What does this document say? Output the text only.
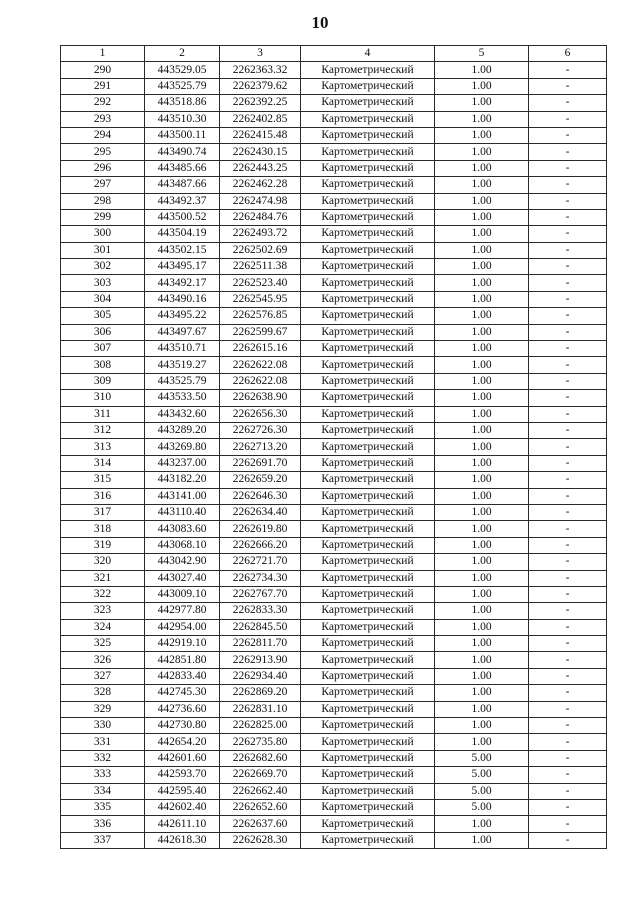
10
1	2	3	4	5	6
290	443529.05	2262363.32	Картометрический	1.00	-
291	443525.79	2262379.62	Картометрический	1.00	-
292	443518.86	2262392.25	Картометрический	1.00	-
293	443510.30	2262402.85	Картометрический	1.00	-
294	443500.11	2262415.48	Картометрический	1.00	-
295	443490.74	2262430.15	Картометрический	1.00	-
296	443485.66	2262443.25	Картометрический	1.00	-
297	443487.66	2262462.28	Картометрический	1.00	-
298	443492.37	2262474.98	Картометрический	1.00	-
299	443500.52	2262484.76	Картометрический	1.00	-
300	443504.19	2262493.72	Картометрический	1.00	-
301	443502.15	2262502.69	Картометрический	1.00	-
302	443495.17	2262511.38	Картометрический	1.00	-
303	443492.17	2262523.40	Картометрический	1.00	-
304	443490.16	2262545.95	Картометрический	1.00	-
305	443495.22	2262576.85	Картометрический	1.00	-
306	443497.67	2262599.67	Картометрический	1.00	-
307	443510.71	2262615.16	Картометрический	1.00	-
308	443519.27	2262622.08	Картометрический	1.00	-
309	443525.79	2262622.08	Картометрический	1.00	-
310	443533.50	2262638.90	Картометрический	1.00	-
311	443432.60	2262656.30	Картометрический	1.00	-
312	443289.20	2262726.30	Картометрический	1.00	-
313	443269.80	2262713.20	Картометрический	1.00	-
314	443237.00	2262691.70	Картометрический	1.00	-
315	443182.20	2262659.20	Картометрический	1.00	-
316	443141.00	2262646.30	Картометрический	1.00	-
317	443110.40	2262634.40	Картометрический	1.00	-
318	443083.60	2262619.80	Картометрический	1.00	-
319	443068.10	2262666.20	Картометрический	1.00	-
320	443042.90	2262721.70	Картометрический	1.00	-
321	443027.40	2262734.30	Картометрический	1.00	-
322	443009.10	2262767.70	Картометрический	1.00	-
323	442977.80	2262833.30	Картометрический	1.00	-
324	442954.00	2262845.50	Картометрический	1.00	-
325	442919.10	2262811.70	Картометрический	1.00	-
326	442851.80	2262913.90	Картометрический	1.00	-
327	442833.40	2262934.40	Картометрический	1.00	-
328	442745.30	2262869.20	Картометрический	1.00	-
329	442736.60	2262831.10	Картометрический	1.00	-
330	442730.80	2262825.00	Картометрический	1.00	-
331	442654.20	2262735.80	Картометрический	1.00	-
332	442601.60	2262682.60	Картометрический	5.00	-
333	442593.70	2262669.70	Картометрический	5.00	-
334	442595.40	2262662.40	Картометрический	5.00	-
335	442602.40	2262652.60	Картометрический	5.00	-
336	442611.10	2262637.60	Картометрический	1.00	-
337	442618.30	2262628.30	Картометрический	1.00	-
